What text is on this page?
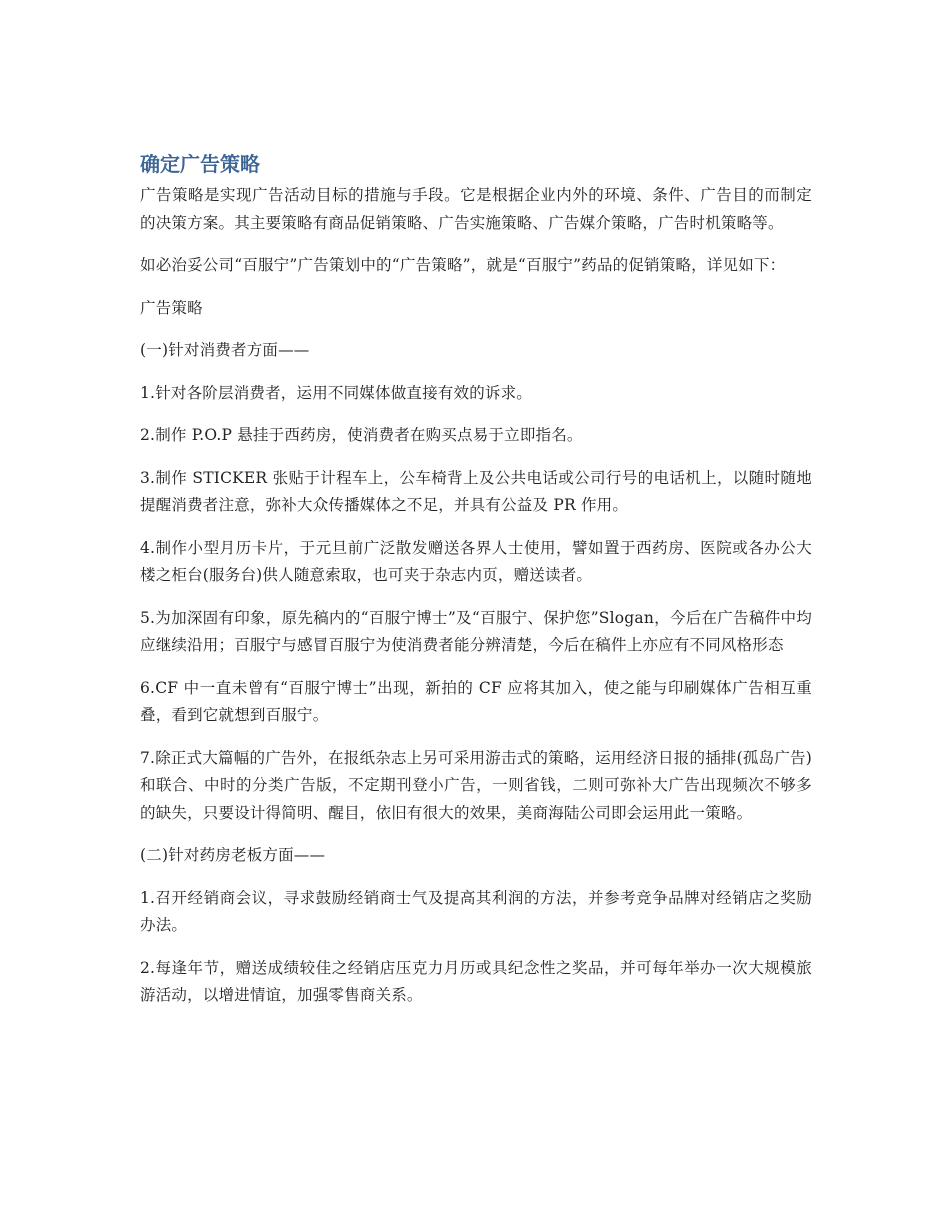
确定广告策略

广告策略是实现广告活动目标的措施与手段。它是根据企业内外的环境、条件、广告目的而制定的决策方案。其主要策略有商品促销策略、广告实施策略、广告媒介策略，广告时机策略等。

如必治妥公司“百服宁”广告策划中的“广告策略”，就是“百服宁”药品的促销策略，详见如下：

广告策略

(一)针对消费者方面——

1.针对各阶层消费者，运用不同媒体做直接有效的诉求。

2.制作 P.O.P 悬挂于西药房，使消费者在购买点易于立即指名。

3.制作 STICKER 张贴于计程车上，公车椅背上及公共电话或公司行号的电话机上，以随时随地提醒消费者注意，弥补大众传播媒体之不足，并具有公益及 PR 作用。

4.制作小型月历卡片，于元旦前广泛散发赠送各界人士使用，譬如置于西药房、医院或各办公大楼之柜台(服务台)供人随意索取，也可夹于杂志内页，赠送读者。

5.为加深固有印象，原先稿内的“百服宁博士”及“百服宁、保护您”Slogan，今后在广告稿件中均应继续沿用；百服宁与感冒百服宁为使消费者能分辨清楚，今后在稿件上亦应有不同风格形态

6.CF 中一直未曾有“百服宁博士”出现，新拍的 CF 应将其加入，使之能与印刷媒体广告相互重叠，看到它就想到百服宁。

7.除正式大篇幅的广告外，在报纸杂志上另可采用游击式的策略，运用经济日报的插排(孤岛广告)和联合、中时的分类广告版，不定期刊登小广告，一则省钱，二则可弥补大广告出现频次不够多的缺失，只要设计得简明、醒目，依旧有很大的效果，美商海陆公司即会运用此一策略。

(二)针对药房老板方面——

1.召开经销商会议，寻求鼓励经销商士气及提高其利润的方法，并参考竞争品牌对经销店之奖励办法。

2.每逢年节，赠送成绩较佳之经销店压克力月历或具纪念性之奖品，并可每年举办一次大规模旅游活动，以增进情谊，加强零售商关系。
